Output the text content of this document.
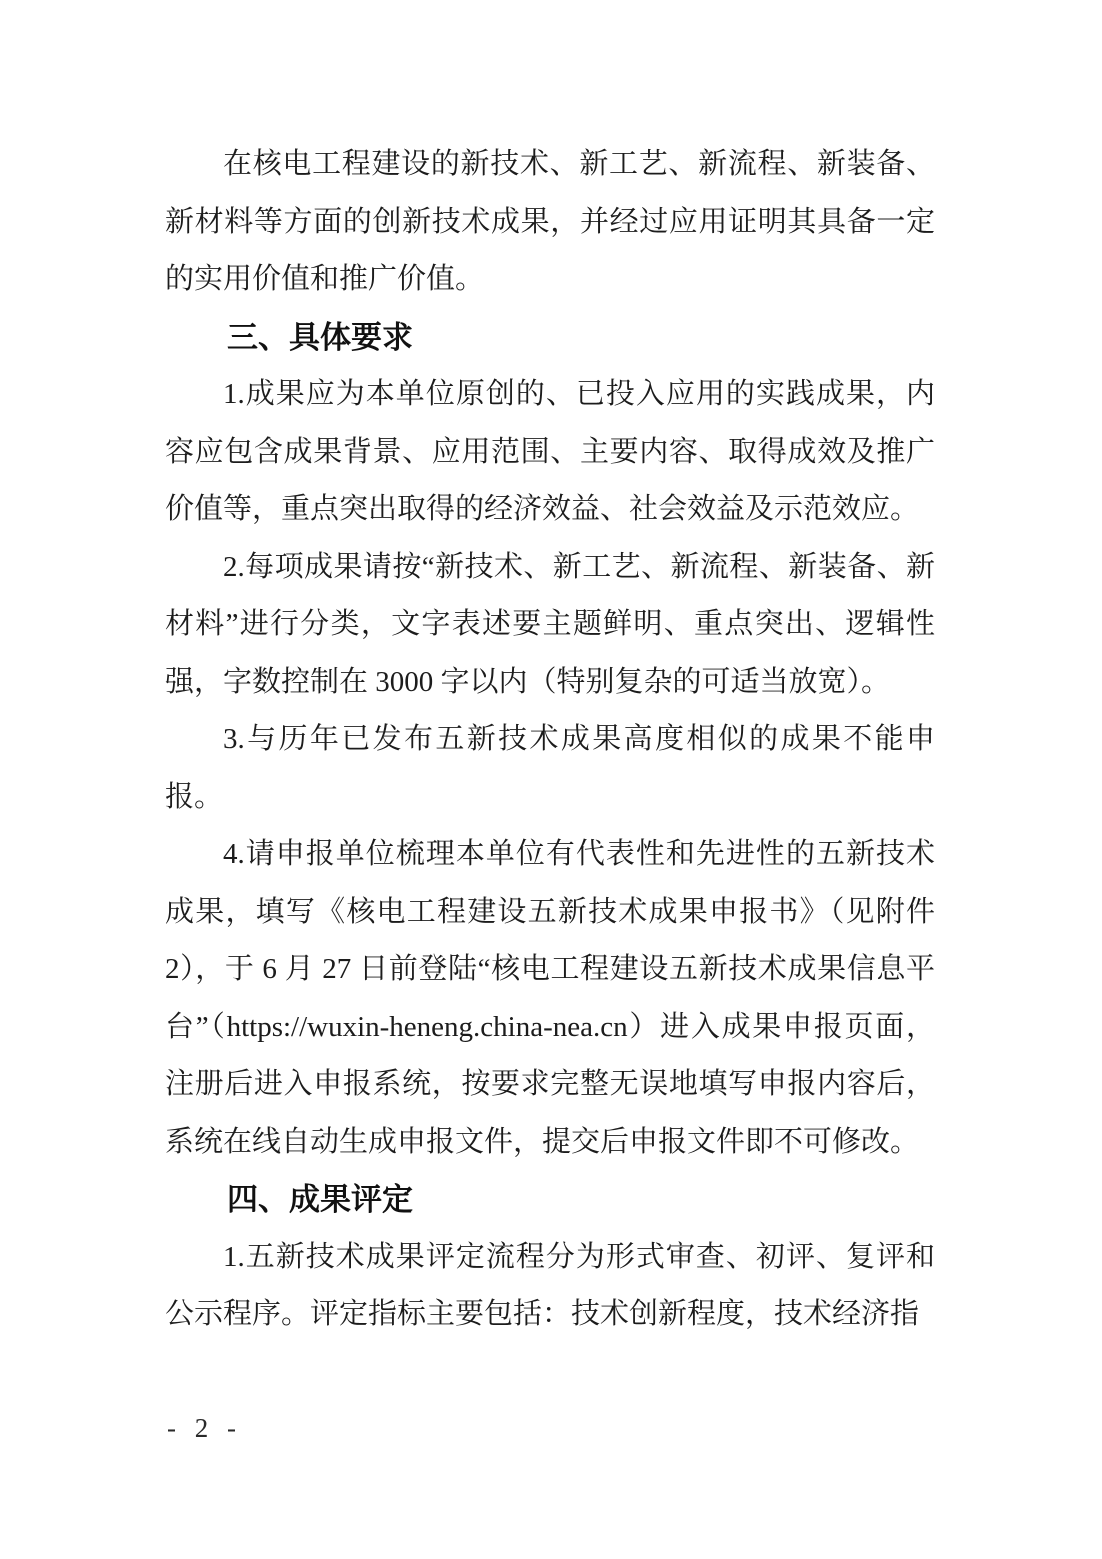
在核电工程建设的新技术、新工艺、新流程、新装备、新材料等方面的创新技术成果，并经过应用证明其具备一定的实用价值和推广价值。

三、具体要求

1.成果应为本单位原创的、已投入应用的实践成果，内容应包含成果背景、应用范围、主要内容、取得成效及推广价值等，重点突出取得的经济效益、社会效益及示范效应。

2.每项成果请按“新技术、新工艺、新流程、新装备、新材料”进行分类，文字表述要主题鲜明、重点突出、逻辑性强，字数控制在 3000 字以内（特别复杂的可适当放宽）。

3.与历年已发布五新技术成果高度相似的成果不能申报。

4.请申报单位梳理本单位有代表性和先进性的五新技术成果，填写《核电工程建设五新技术成果申报书》（见附件 2），于 6 月 27 日前登陆“核电工程建设五新技术成果信息平台”（https://wuxin-heneng.china-nea.cn）进入成果申报页面，注册后进入申报系统，按要求完整无误地填写申报内容后，系统在线自动生成申报文件，提交后申报文件即不可修改。

四、成果评定

1.五新技术成果评定流程分为形式审查、初评、复评和公示程序。评定指标主要包括：技术创新程度，技术经济指

- 2 -
